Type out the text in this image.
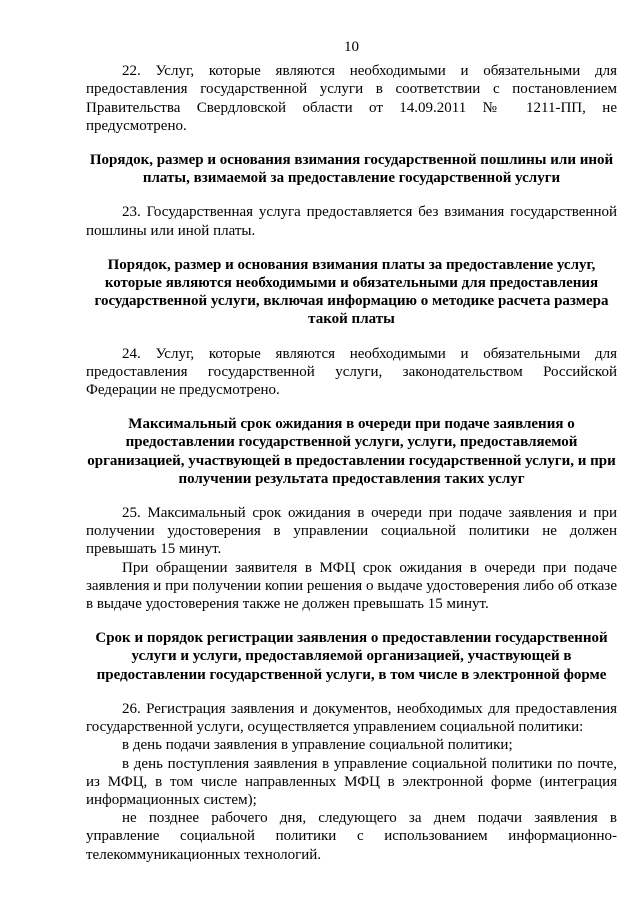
10

22. Услуг, которые являются необходимыми и обязательными для предоставления государственной услуги в соответствии с постановлением Правительства Свердловской области от 14.09.2011 № 1211-ПП, не предусмотрено.

Порядок, размер и основания взимания государственной пошлины или иной платы, взимаемой за предоставление государственной услуги

23. Государственная услуга предоставляется без взимания государственной пошлины или иной платы.

Порядок, размер и основания взимания платы за предоставление услуг, которые являются необходимыми и обязательными для предоставления государственной услуги, включая информацию о методике расчета размера такой платы

24. Услуг, которые являются необходимыми и обязательными для предоставления государственной услуги, законодательством Российской Федерации не предусмотрено.

Максимальный срок ожидания в очереди при подаче заявления о предоставлении государственной услуги, услуги, предоставляемой организацией, участвующей в предоставлении государственной услуги, и при получении результата предоставления таких услуг

25. Максимальный срок ожидания в очереди при подаче заявления и при получении удостоверения в управлении социальной политики не должен превышать 15 минут.

При обращении заявителя в МФЦ срок ожидания в очереди при подаче заявления и при получении копии решения о выдаче удостоверения либо об отказе в выдаче удостоверения также не должен превышать 15 минут.

Срок и порядок регистрации заявления о предоставлении государственной услуги и услуги, предоставляемой организацией, участвующей в предоставлении государственной услуги, в том числе в электронной форме

26. Регистрация заявления и документов, необходимых для предоставления государственной услуги, осуществляется управлением социальной политики:

в день подачи заявления в управление социальной политики;

в день поступления заявления в управление социальной политики по почте, из МФЦ, в том числе направленных МФЦ в электронной форме (интеграция информационных систем);

не позднее рабочего дня, следующего за днем подачи заявления в управление социальной политики с использованием информационно-телекоммуникационных технологий.
